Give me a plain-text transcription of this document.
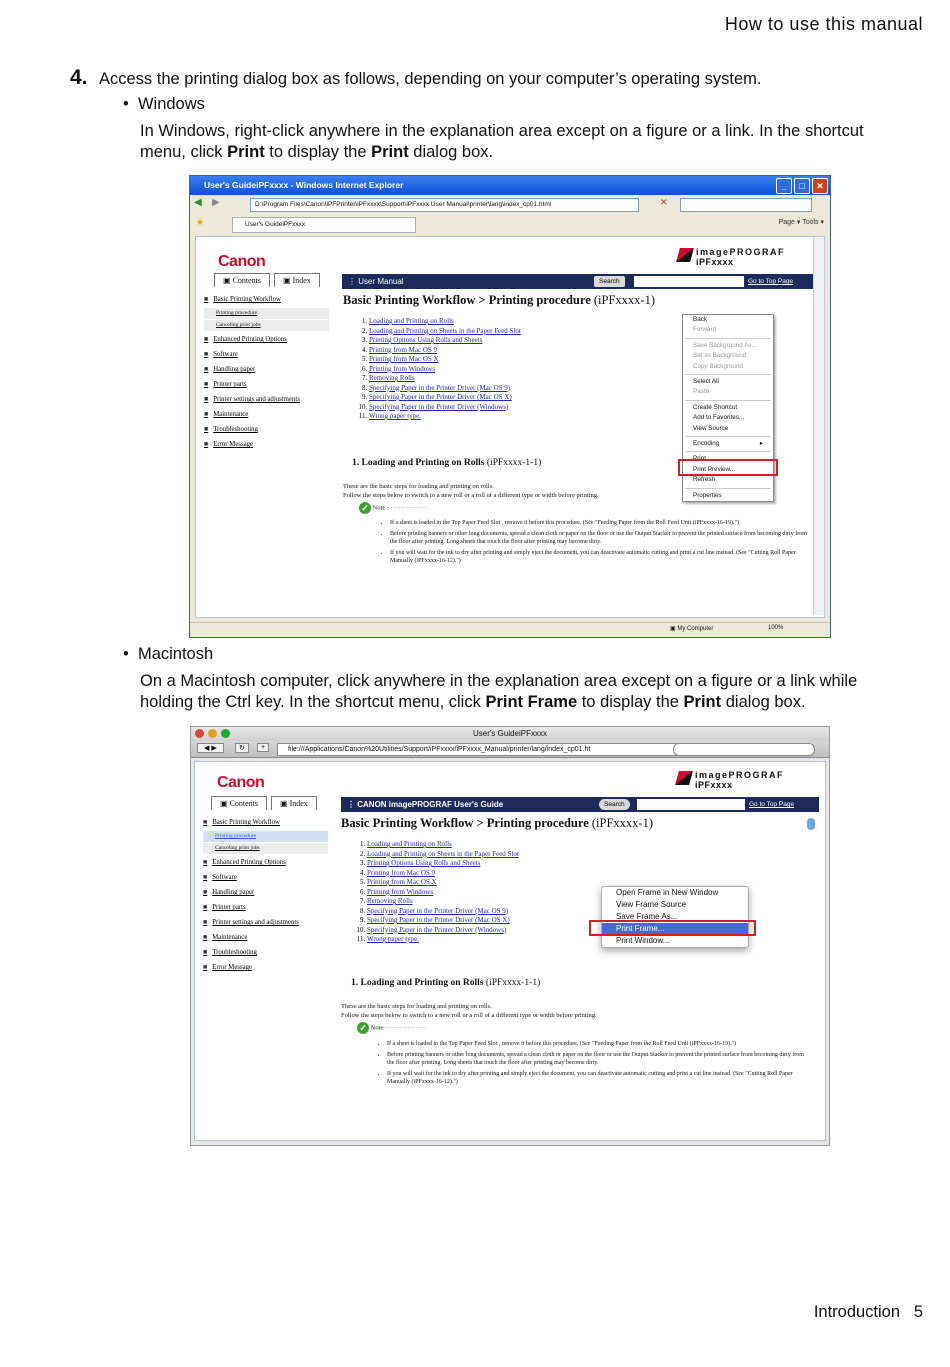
How to use this manual
4. Access the printing dialog box as follows, depending on your computer’s operating system.
•  Windows
In Windows, right-click anywhere in the explanation area except on a figure or a link. In the shortcut menu, click Print to display the Print dialog box.
User's GuideiPFxxxx - Windows Internet Explorer	_	□	✕
◀ ▶	D:\Program Files\Canon\iPFPrinter\iPFxxxx\Support\iPFxxxx User Manual\printer\lang\index_cp01.html	✕
★	User's GuideiPFxxxx	Page ▾ Tools ▾
Canon
imagePROGRAF
iPFxxxx
▣ Contents	▣ Index	⋮ User Manual	Search	Go to Top Page
■ Basic Printing Workflow
Printing procedure
Canceling print jobs
■ Enhanced Printing Options
■ Software
■ Handling paper
■ Printer parts
■ Printer settings and adjustments
■ Maintenance
■ Troubleshooting
■ Error Message
Basic Printing Workflow > Printing procedure (iPFxxxx-1)
1. Loading and Printing on Rolls
2. Loading and Printing on Sheets in the Paper Feed Slot
3. Printing Options Using Rolls and Sheets
4. Printing from Mac OS 9
5. Printing from Mac OS X
6. Printing from Windows
7. Removing Rolls
8. Specifying Paper in the Printer Driver (Mac OS 9)
9. Specifying Paper in the Printer Driver (Mac OS X)
10. Specifying Paper in the Printer Driver (Windows)
11. Wrong paper type.
1. Loading and Printing on Rolls (iPFxxxx-1-1)
These are the basic steps for loading and printing on rolls.
Follow the steps below to switch to a new roll or a roll of a different type or width before printing.
✓ Note - - - - - - - - - - -
• If a sheet is loaded in the Top Paper Feed Slot , remove it before this procedure. (See "Feeding Paper from the Roll Feed Unit (iPFxxxx-16-19).")
• Before printing banners or other long documents, spread a clean cloth or paper on the floor or use the Output Stacker to prevent the printed surface from becoming dirty from the floor after printing. Long sheets that touch the floor after printing may become dirty.
• If you will wait for the ink to dry after printing and simply eject the document, you can deactivate automatic cutting and print a cut line instead. (See "Cutting Roll Paper Manually (iPFxxxx-16-12).")
Back
Forward
Save Background As...
Set as Background
Copy Background
Select All
Paste
Create Shortcut
Add to Favorites...
View Source
Encoding	▸
Print...
Print Preview...
Refresh
Properties
▣ My Computer	100%
•  Macintosh
On a Macintosh computer, click anywhere in the explanation area except on a figure or a link while holding the Ctrl key. In the shortcut menu, click Print Frame to display the Print dialog box.
User's GuideiPFxxxx
◀ ▶	↻	+	file:///Applications/Canon%20Utilities/Support/iPFxxxx/iPFxxxx_Manual/printer/lang/index_cp01.ht
Canon	imagePROGRAF
iPFxxxx
▣ Contents	▣ Index	⋮ CANON imagePROGRAF User's Guide	Search	Go to Top Page
■ Basic Printing Workflow
Printing procedure
Canceling print jobs
■ Enhanced Printing Options
■ Software
■ Handling paper
■ Printer parts
■ Printer settings and adjustments
■ Maintenance
■ Troubleshooting
■ Error Message
Basic Printing Workflow > Printing procedure (iPFxxxx-1)
1. Loading and Printing on Rolls
2. Loading and Printing on Sheets in the Paper Feed Slot
3. Printing Options Using Rolls and Sheets
4. Printing from Mac OS 9
5. Printing from Mac OS X
6. Printing from Windows
7. Removing Rolls
8. Specifying Paper in the Printer Driver (Mac OS 9)
9. Specifying Paper in the Printer Driver (Mac OS X)
10. Specifying Paper in the Printer Driver (Windows)
11. Wrong paper type.
1. Loading and Printing on Rolls (iPFxxxx-1-1)
These are the basic steps for loading and printing on rolls.
Follow the steps below to switch to a new roll or a roll of a different type or width before printing.
✓ Note - - - - - - - - - - -
• If a sheet is loaded in the Top Paper Feed Slot , remove it before this procedure. (See "Feeding Paper from the Roll Feed Unit (iPFxxxx-16-19).")
• Before printing banners or other long documents, spread a clean cloth or paper on the floor or use the Output Stacker to prevent the printed surface from becoming dirty from the floor after printing. Long sheets that touch the floor after printing may become dirty.
• If you will wait for the ink to dry after printing and simply eject the document, you can deactivate automatic cutting and print a cut line instead. (See "Cutting Roll Paper Manually (iPFxxxx-16-12).")
Open Frame in New Window
View Frame Source
Save Frame As...
Print Frame...
Print Window...
Introduction 5
